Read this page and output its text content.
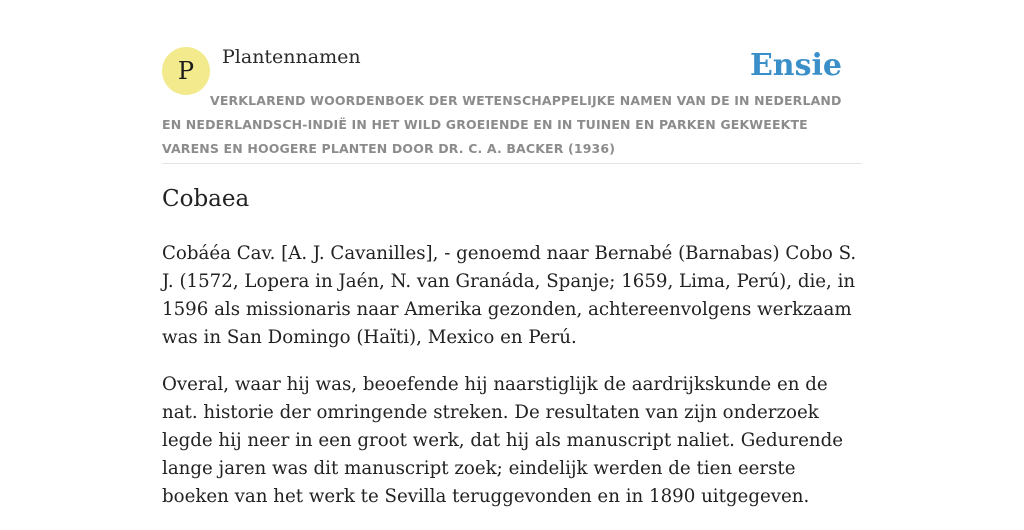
P Plantennamen	Ensie
VERKLAREND WOORDENBOEK DER WETENSCHAPPELIJKE NAMEN VAN DE IN NEDERLAND EN NEDERLANDSCH-INDIË IN HET WILD GROEIENDE EN IN TUINEN EN PARKEN GEKWEEKTE VARENS EN HOOGERE PLANTEN DOOR DR. C. A. BACKER (1936)
Cobaea

Cobáéa Cav. [A. J. Cavanilles], - genoemd naar Bernabé (Barnabas) Cobo S. J. (1572, Lopera in Jaén, N. van Granáda, Spanje; 1659, Lima, Perú), die, in 1596 als missionaris naar Amerika gezonden, achtereenvolgens werkzaam was in San Domingo (Haïti), Mexico en Perú.

Overal, waar hij was, beoefende hij naarstiglijk de aardrijkskunde en de nat. historie der omringende streken. De resultaten van zijn onderzoek legde hij neer in een groot werk, dat hij als manuscript naliet. Gedurende lange jaren was dit manuscript zoek; eindelijk werden de tien eerste boeken van het werk te Sevilla teruggevonden en in 1890 uitgegeven.
